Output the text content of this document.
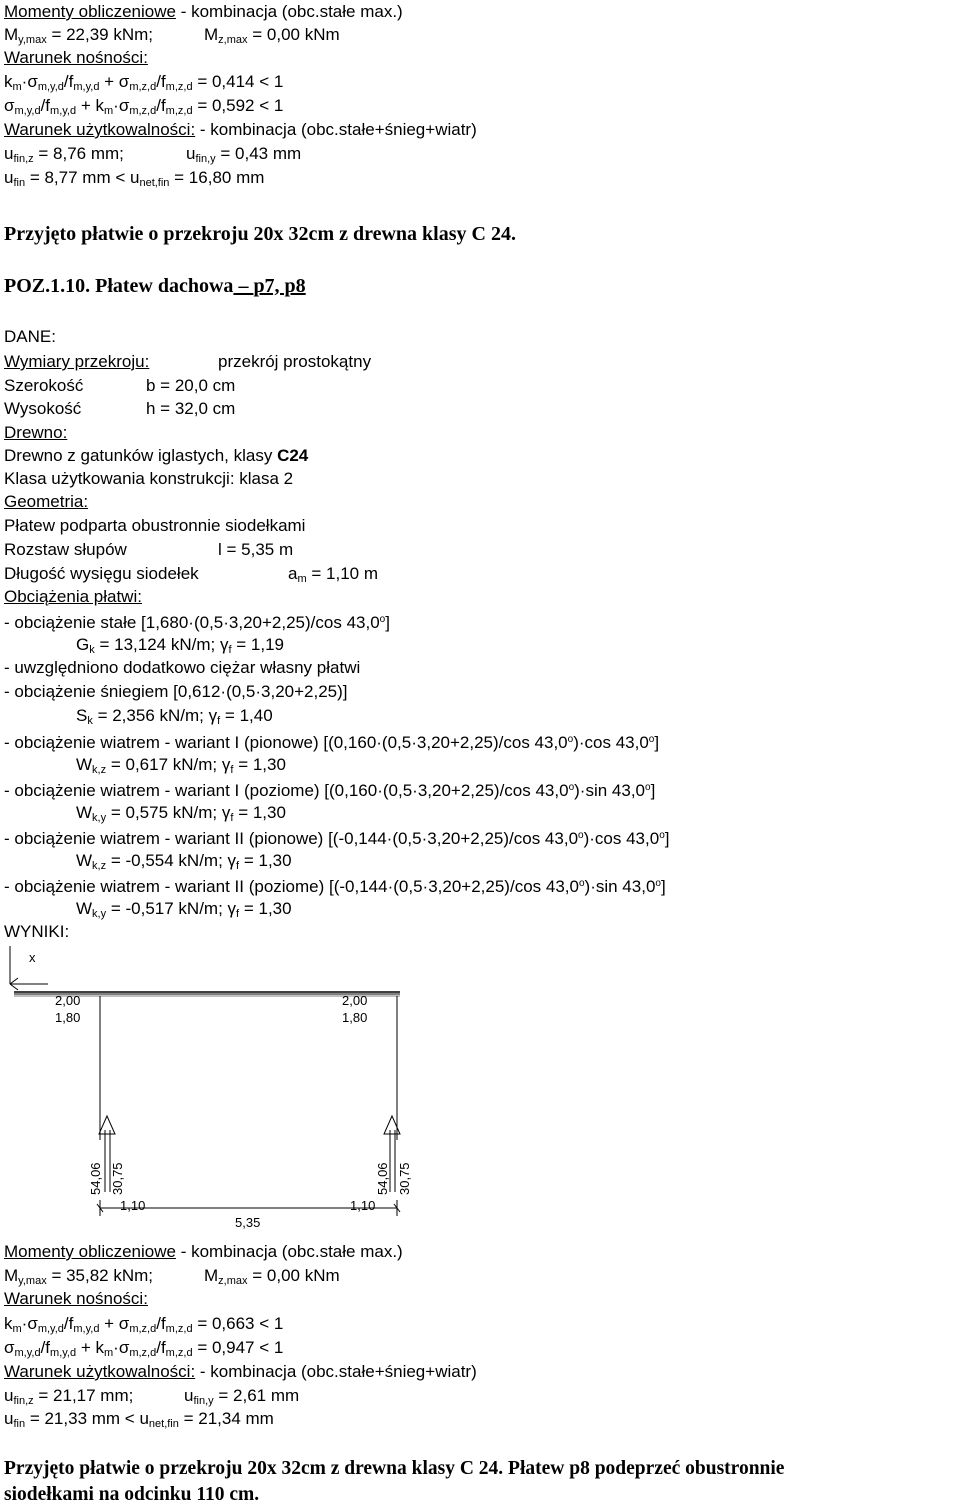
Momenty obliczeniowe - kombinacja (obc.stałe max.)
$M_{y,max} = 22,39$ kNm;	$M_{z,max} = 0,00$ kNm
Warunek nośności:
$k_m\cdot\sigma_{m,y,d}/f_{m,y,d} + \sigma_{m,z,d}/f_{m,z,d} = 0,414 < 1$
$\sigma_{m,y,d}/f_{m,y,d} + k_m\cdot\sigma_{m,z,d}/f_{m,z,d} = 0,592 < 1$
Warunek użytkowalności: - kombinacja (obc.stałe+śnieg+wiatr)
$u_{fin,z} = 8,76$ mm;	$u_{fin,y} = 0,43$ mm
$u_{fin} = 8,77$ mm < $u_{net,fin} = 16,80$ mm
Przyjęto płatwie o przekroju 20x 32cm z drewna klasy C 24.
POZ.1.10. Płatew dachowa – p7, p8
DANE:
Wymiary przekroju:	przekrój prostokątny
Szerokość	b = 20,0 cm
Wysokość	h = 32,0 cm
Drewno:
Drewno z gatunków iglastych, klasy C24
Klasa użytkowania konstrukcji: klasa 2
Geometria:
Płatew podparta obustronnie siodełkami
Rozstaw słupów	l = 5,35 m
Długość wysięgu siodełek	$a_m = 1,10$ m
Obciążenia płatwi:
- obciążenie stałe [1,680·(0,5·3,20+2,25)/cos 43,0$^o$]
$G_k = 13,124$ kN/m; $\gamma_f = 1,19$
- uwzględniono dodatkowo ciężar własny płatwi
- obciążenie śniegiem [0,612·(0,5·3,20+2,25)]
$S_k = 2,356$ kN/m; $\gamma_f = 1,40$
- obciążenie wiatrem - wariant I (pionowe) [(0,160·(0,5·3,20+2,25)/cos $43,0^o)\cdot\cos$ 43,0$^o$]
$W_{k,z} = 0,617$ kN/m; $\gamma_f = 1,30$
- obciążenie wiatrem - wariant I (poziome) [(0,160·(0,5·3,20+2,25)/cos $43,0^o)\cdot\sin$ 43,0$^o$]
$W_{k,y} = 0,575$ kN/m; $\gamma_f = 1,30$
- obciążenie wiatrem - wariant II (pionowe) [(-0,144·(0,5·3,20+2,25)/cos $43,0^o)\cdot\cos$ 43,0$^o$]
$W_{k,z} = -0,554$ kN/m; $\gamma_f = 1,30$
- obciążenie wiatrem - wariant II (poziome) [(-0,144·(0,5·3,20+2,25)/cos $43,0^o)\cdot\sin$ 43,0$^o$]
$W_{k,y} = -0,517$ kN/m; $\gamma_f = 1,30$
WYNIKI:
x
2,00
1,80
2,00
1,80
54,06 30,75	54,06 30,75
1,10	1,10
5,35
Momenty obliczeniowe - kombinacja (obc.stałe max.)
$M_{y,max} = 35,82$ kNm;	$M_{z,max} = 0,00$ kNm
Warunek nośności:
$k_m\cdot\sigma_{m,y,d}/f_{m,y,d} + \sigma_{m,z,d}/f_{m,z,d} = 0,663 < 1$
$\sigma_{m,y,d}/f_{m,y,d} + k_m\cdot\sigma_{m,z,d}/f_{m,z,d} = 0,947 < 1$
Warunek użytkowalności: - kombinacja (obc.stałe+śnieg+wiatr)
$u_{fin,z} = 21,17$ mm;	$u_{fin,y} = 2,61$ mm
$u_{fin} = 21,33$ mm < $u_{net,fin} = 21,34$ mm
Przyjęto płatwie o przekroju 20x 32cm z drewna klasy C 24. Płatew p8 podeprzeć obustronnie
siodełkami na odcinku 110 cm.
